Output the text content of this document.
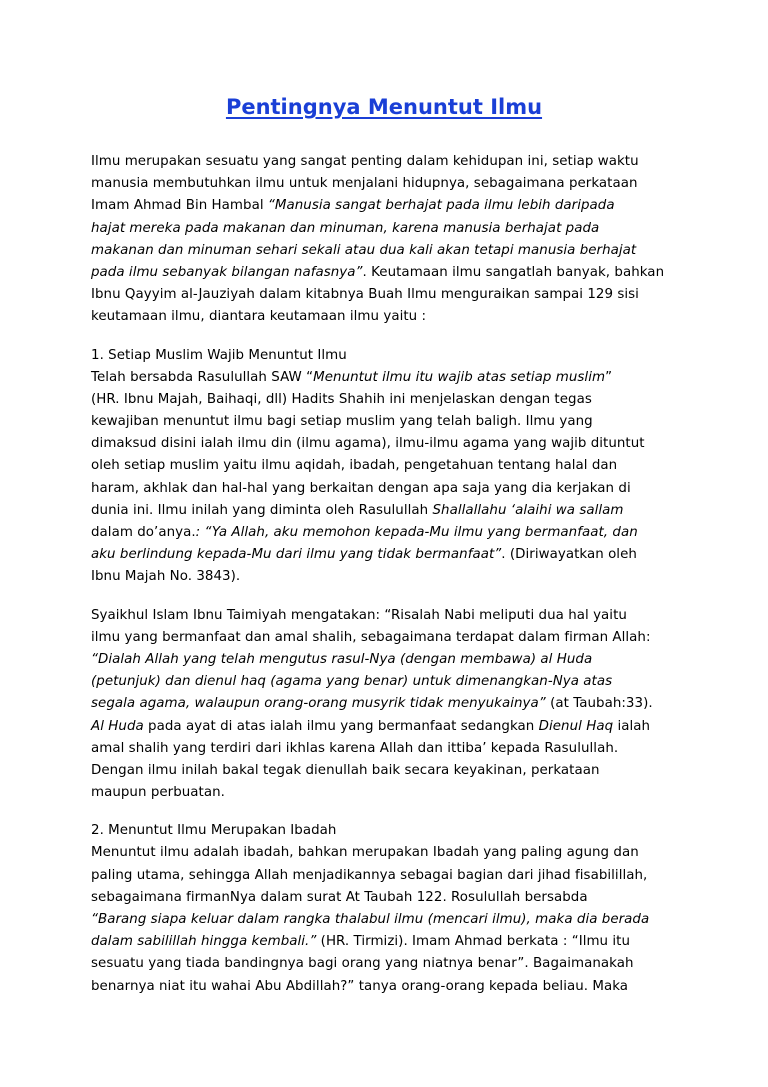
Pentingnya Menuntut Ilmu
Ilmu merupakan sesuatu yang sangat penting dalam kehidupan ini, setiap waktu
manusia membutuhkan ilmu untuk menjalani hidupnya, sebagaimana perkataan
Imam Ahmad Bin Hambal “Manusia sangat berhajat pada ilmu lebih daripada
hajat mereka pada makanan dan minuman, karena manusia berhajat pada
makanan dan minuman sehari sekali atau dua kali akan tetapi manusia berhajat
pada ilmu sebanyak bilangan nafasnya”. Keutamaan ilmu sangatlah banyak, bahkan
Ibnu Qayyim al-Jauziyah dalam kitabnya Buah Ilmu menguraikan sampai 129 sisi
keutamaan ilmu, diantara keutamaan ilmu yaitu :
1. Setiap Muslim Wajib Menuntut Ilmu
Telah bersabda Rasulullah SAW “Menuntut ilmu itu wajib atas setiap muslim”
(HR. Ibnu Majah, Baihaqi, dll) Hadits Shahih ini menjelaskan dengan tegas
kewajiban menuntut ilmu bagi setiap muslim yang telah baligh. Ilmu yang
dimaksud disini ialah ilmu din (ilmu agama), ilmu-ilmu agama yang wajib dituntut
oleh setiap muslim yaitu ilmu aqidah, ibadah, pengetahuan tentang halal dan
haram, akhlak dan hal-hal yang berkaitan dengan apa saja yang dia kerjakan di
dunia ini. Ilmu inilah yang diminta oleh Rasulullah Shallallahu ‘alaihi wa sallam
dalam do’anya.: “Ya Allah, aku memohon kepada-Mu ilmu yang bermanfaat, dan
aku berlindung kepada-Mu dari ilmu yang tidak bermanfaat”. (Diriwayatkan oleh
Ibnu Majah No. 3843).
Syaikhul Islam Ibnu Taimiyah mengatakan: “Risalah Nabi meliputi dua hal yaitu
ilmu yang bermanfaat dan amal shalih, sebagaimana terdapat dalam firman Allah:
“Dialah Allah yang telah mengutus rasul-Nya (dengan membawa) al Huda
(petunjuk) dan dienul haq (agama yang benar) untuk dimenangkan-Nya atas
segala agama, walaupun orang-orang musyrik tidak menyukainya” (at Taubah:33).
Al Huda pada ayat di atas ialah ilmu yang bermanfaat sedangkan Dienul Haq ialah
amal shalih yang terdiri dari ikhlas karena Allah dan ittiba’ kepada Rasulullah.
Dengan ilmu inilah bakal tegak dienullah baik secara keyakinan, perkataan
maupun perbuatan.
2. Menuntut Ilmu Merupakan Ibadah
Menuntut ilmu adalah ibadah, bahkan merupakan Ibadah yang paling agung dan
paling utama, sehingga Allah menjadikannya sebagai bagian dari jihad fisabilillah,
sebagaimana firmanNya dalam surat At Taubah 122. Rosulullah bersabda
“Barang siapa keluar dalam rangka thalabul ilmu (mencari ilmu), maka dia berada
dalam sabilillah hingga kembali.” (HR. Tirmizi). Imam Ahmad berkata : “Ilmu itu
sesuatu yang tiada bandingnya bagi orang yang niatnya benar”. Bagaimanakah
benarnya niat itu wahai Abu Abdillah?” tanya orang-orang kepada beliau. Maka
